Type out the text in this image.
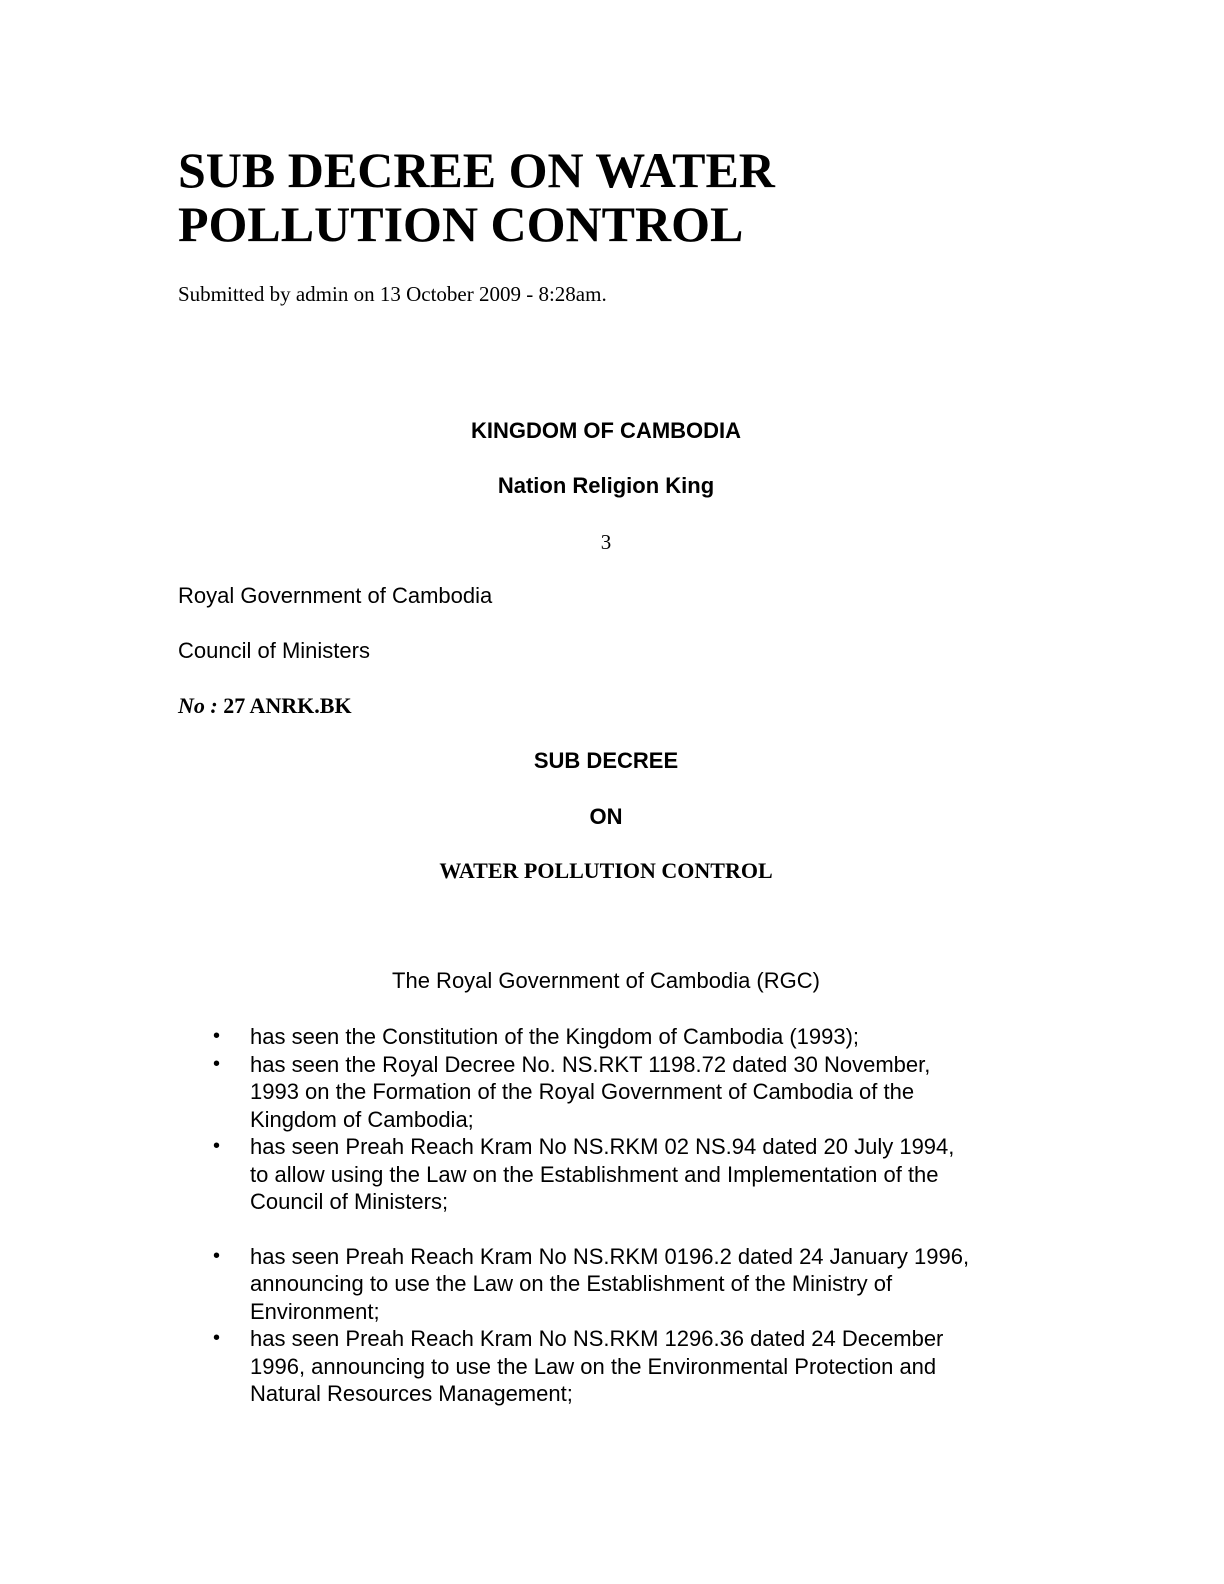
SUB DECREE ON WATER
POLLUTION CONTROL
Submitted by admin on 13 October 2009 - 8:28am.
KINGDOM OF CAMBODIA
Nation Religion King
3
Royal Government of Cambodia
Council of Ministers
No : 27 ANRK.BK
SUB DECREE
ON
WATER POLLUTION CONTROL
The Royal Government of Cambodia (RGC)
• has seen the Constitution of the Kingdom of Cambodia (1993);
• has seen the Royal Decree No. NS.RKT 1198.72 dated 30 November,
1993 on the Formation of the Royal Government of Cambodia of the
Kingdom of Cambodia;
• has seen Preah Reach Kram No NS.RKM 02 NS.94 dated 20 July 1994,
to allow using the Law on the Establishment and Implementation of the
Council of Ministers;
• has seen Preah Reach Kram No NS.RKM 0196.2 dated 24 January 1996,
announcing to use the Law on the Establishment of the Ministry of
Environment;
• has seen Preah Reach Kram No NS.RKM 1296.36 dated 24 December
1996, announcing to use the Law on the Environmental Protection and
Natural Resources Management;
